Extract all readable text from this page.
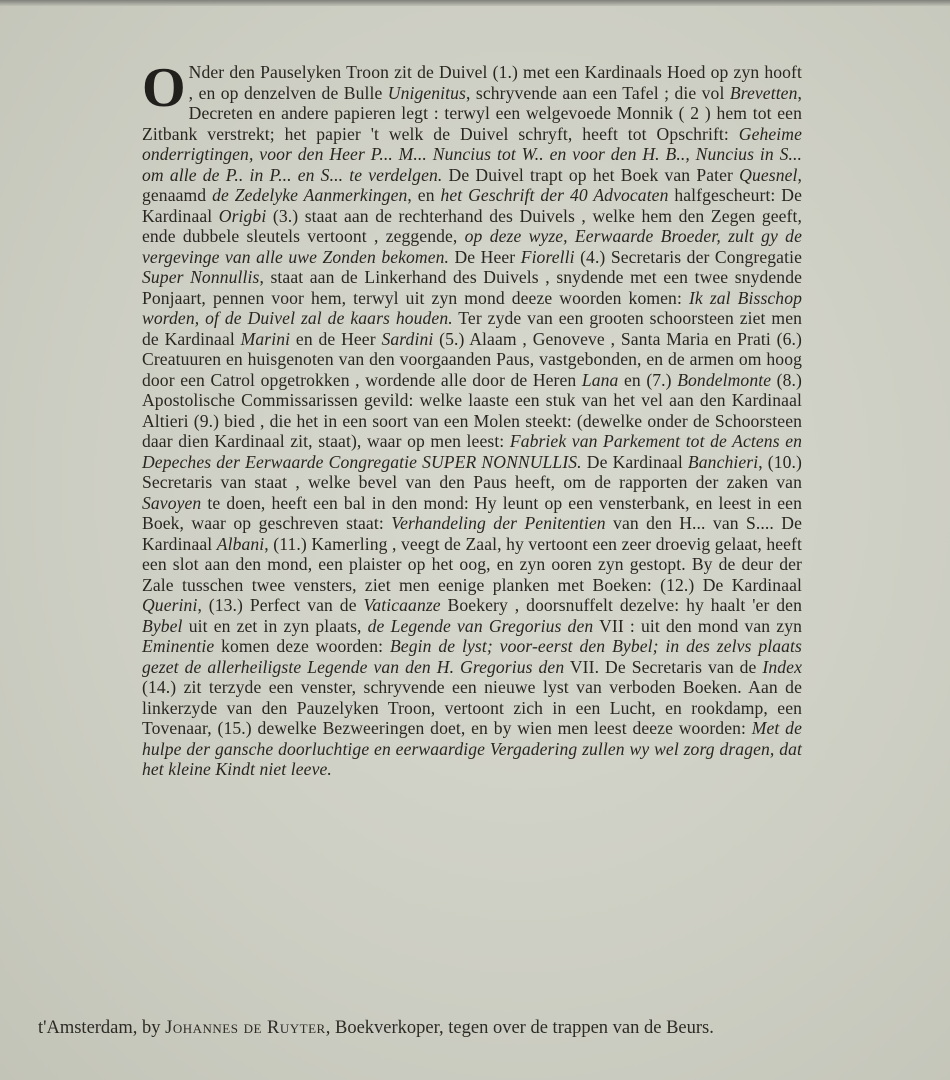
O Nder den Pauselyken Troon zit de Duivel (1.) met een Kardinaals Hoed op zyn hooft , en op denzelven de Bulle Unigenitus, schryvende aan een Tafel ; die vol Brevetten, Decreten en andere papieren legt : terwyl een welgevoede Monnik ( 2 ) hem tot een Zitbank verstrekt; het papier 't welk de Duivel schryft, heeft tot Opschrift: Geheime onderrigtingen, voor den Heer P... M... Nuncius tot W.. en voor den H. B.., Nuncius in S... om alle de P.. in P... en S... te verdelgen. De Duivel trapt op het Boek van Pater Quesnel, genaamd de Zedelyke Aanmerkingen, en het Geschrift der 40 Advocaten halfgescheurt: De Kardinaal Origbi (3.) staat aan de rechterhand des Duivels , welke hem den Zegen geeft, ende dubbele sleutels vertoont , zeggende, op deze wyze, Eerwaarde Broeder, zult gy de vergevinge van alle uwe Zonden bekomen. De Heer Fiorelli (4.) Secretaris der Congregatie Super Nonnullis, staat aan de Linkerhand des Duivels , snydende met een twee snydende Ponjaart, pennen voor hem, terwyl uit zyn mond deeze woorden komen: Ik zal Bisschop worden, of de Duivel zal de kaars houden. Ter zyde van een grooten schoorsteen ziet men de Kardinaal Marini en de Heer Sardini (5.) Alaam , Genoveve , Santa Maria en Prati (6.) Creatuuren en huisgenoten van den voorgaanden Paus, vastgebonden, en de armen om hoog door een Catrol opgetrokken , wordende alle door de Heren Lana en (7.) Bondelmonte (8.) Apostolische Commissarissen gevild: welke laaste een stuk van het vel aan den Kardinaal Altieri (9.) bied , die het in een soort van een Molen steekt: (dewelke onder de Schoorsteen daar dien Kardinaal zit, staat), waar op men leest: Fabriek van Parkement tot de Actens en Depeches der Eerwaarde Congregatie SUPER NONNULLIS. De Kardinaal Banchieri, (10.) Secretaris van staat , welke bevel van den Paus heeft, om de rapporten der zaken van Savoyen te doen, heeft een bal in den mond: Hy leunt op een vensterbank, en leest in een Boek, waar op geschreven staat: Verhandeling der Penitentien van den H... van S.... De Kardinaal Albani, (11.) Kamerling , veegt de Zaal, hy vertoont een zeer droevig gelaat, heeft een slot aan den mond, een plaister op het oog, en zyn ooren zyn gestopt. By de deur der Zale tusschen twee vensters, ziet men eenige planken met Boeken: (12.) De Kardinaal Querini, (13.) Perfect van de Vaticaanze Boekery , doorsnuffelt dezelve: hy haalt 'er den Bybel uit en zet in zyn plaats, de Legende van Gregorius den VII : uit den mond van zyn Eminentie komen deze woorden: Begin de lyst; voor-eerst den Bybel; in des zelvs plaats gezet de allerheiligste Legende van den H. Gregorius den VII. De Secretaris van de Index (14.) zit terzyde een venster, schryvende een nieuwe lyst van verboden Boeken. Aan de linkerzyde van den Pauzelyken Troon, vertoont zich in een Lucht, en rookdamp, een Tovenaar, (15.) dewelke Bezweeringen doet, en by wien men leest deeze woorden: Met de hulpe der gansche doorluchtige en eerwaardige Vergadering zullen wy wel zorg dragen, dat het kleine Kindt niet leeve.

t'Amsterdam, by Johannes de Ruyter, Boekverkoper, tegen over de trappen van de Beurs.
